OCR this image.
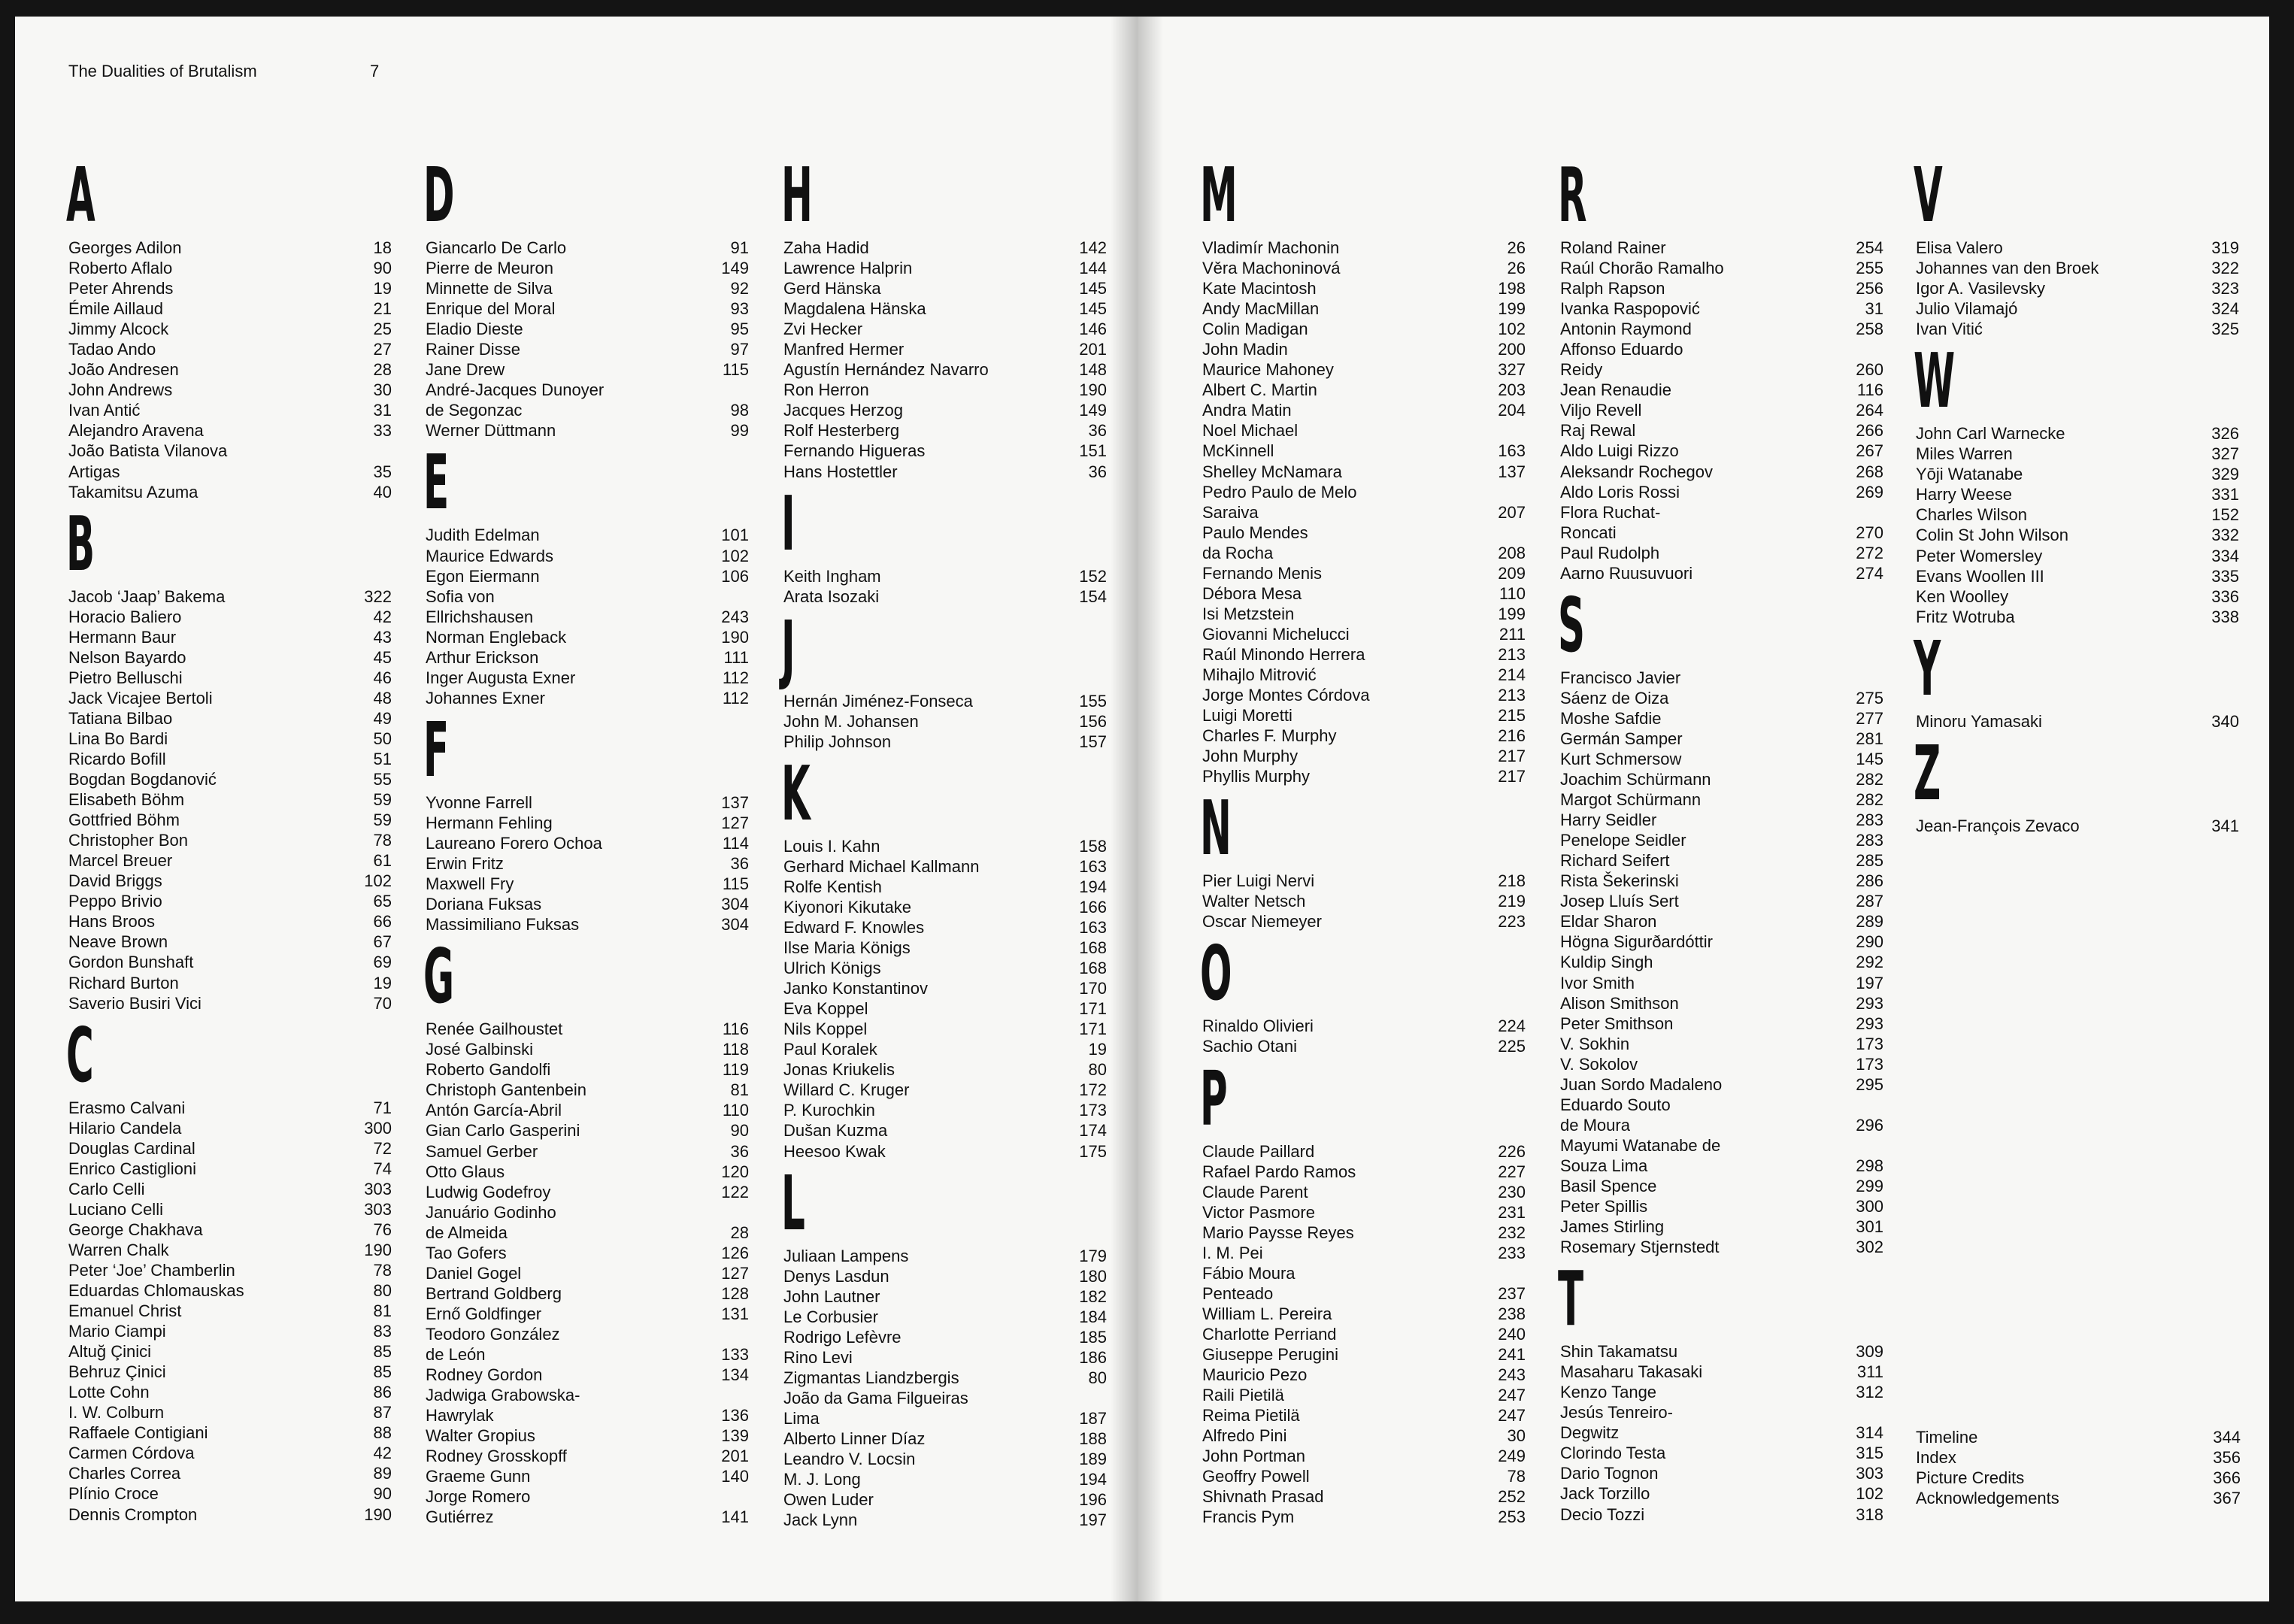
The Dualities of Brutalism	7
A
Georges Adilon	18
Roberto Aflalo	90
Peter Ahrends	19
Émile Aillaud	21
Jimmy Alcock	25
Tadao Ando	27
João Andresen	28
John Andrews	30
Ivan Antić	31
Alejandro Aravena	33
João Batista Vilanova
Artigas	35
Takamitsu Azuma	40
B
Jacob ‘Jaap’ Bakema	322
Horacio Baliero	42
Hermann Baur	43
Nelson Bayardo	45
Pietro Belluschi	46
Jack Vicajee Bertoli	48
Tatiana Bilbao	49
Lina Bo Bardi	50
Ricardo Bofill	51
Bogdan Bogdanović	55
Elisabeth Böhm	59
Gottfried Böhm	59
Christopher Bon	78
Marcel Breuer	61
David Briggs	102
Peppo Brivio	65
Hans Broos	66
Neave Brown	67
Gordon Bunshaft	69
Richard Burton	19
Saverio Busiri Vici	70
C
Erasmo Calvani	71
Hilario Candela	300
Douglas Cardinal	72
Enrico Castiglioni	74
Carlo Celli	303
Luciano Celli	303
George Chakhava	76
Warren Chalk	190
Peter ‘Joe’ Chamberlin	78
Eduardas Chlomauskas	80
Emanuel Christ	81
Mario Ciampi	83
Altuğ Çinici	85
Behruz Çinici	85
Lotte Cohn	86
I. W. Colburn	87
Raffaele Contigiani	88
Carmen Córdova	42
Charles Correa	89
Plínio Croce	90
Dennis Crompton	190
D
Giancarlo De Carlo	91
Pierre de Meuron	149
Minnette de Silva	92
Enrique del Moral	93
Eladio Dieste	95
Rainer Disse	97
Jane Drew	115
André-Jacques Dunoyer
de Segonzac	98
Werner Düttmann	99
E
Judith Edelman	101
Maurice Edwards	102
Egon Eiermann	106
Sofia von
Ellrichshausen	243
Norman Engleback	190
Arthur Erickson	111
Inger Augusta Exner	112
Johannes Exner	112
F
Yvonne Farrell	137
Hermann Fehling	127
Laureano Forero Ochoa	114
Erwin Fritz	36
Maxwell Fry	115
Doriana Fuksas	304
Massimiliano Fuksas	304
G
Renée Gailhoustet	116
José Galbinski	118
Roberto Gandolfi	119
Christoph Gantenbein	81
Antón García-Abril	110
Gian Carlo Gasperini	90
Samuel Gerber	36
Otto Glaus	120
Ludwig Godefroy	122
Januário Godinho
de Almeida	28
Tao Gofers	126
Daniel Gogel	127
Bertrand Goldberg	128
Ernő Goldfinger	131
Teodoro González
de León	133
Rodney Gordon	134
Jadwiga Grabowska-
Hawrylak	136
Walter Gropius	139
Rodney Grosskopff	201
Graeme Gunn	140
Jorge Romero
Gutiérrez	141
H
Zaha Hadid	142
Lawrence Halprin	144
Gerd Hänska	145
Magdalena Hänska	145
Zvi Hecker	146
Manfred Hermer	201
Agustín Hernández Navarro	148
Ron Herron	190
Jacques Herzog	149
Rolf Hesterberg	36
Fernando Higueras	151
Hans Hostettler	36
I
Keith Ingham	152
Arata Isozaki	154
J
Hernán Jiménez-Fonseca	155
John M. Johansen	156
Philip Johnson	157
K
Louis I. Kahn	158
Gerhard Michael Kallmann	163
Rolfe Kentish	194
Kiyonori Kikutake	166
Edward F. Knowles	163
Ilse Maria Königs	168
Ulrich Königs	168
Janko Konstantinov	170
Eva Koppel	171
Nils Koppel	171
Paul Koralek	19
Jonas Kriukelis	80
Willard C. Kruger	172
P. Kurochkin	173
Dušan Kuzma	174
Heesoo Kwak	175
L
Juliaan Lampens	179
Denys Lasdun	180
John Lautner	182
Le Corbusier	184
Rodrigo Lefèvre	185
Rino Levi	186
Zigmantas Liandzbergis	80
João da Gama Filgueiras
Lima	187
Alberto Linner Díaz	188
Leandro V. Locsin	189
M. J. Long	194
Owen Luder	196
Jack Lynn	197
M
Vladimír Machonin	26
Věra Machoninová	26
Kate Macintosh	198
Andy MacMillan	199
Colin Madigan	102
John Madin	200
Maurice Mahoney	327
Albert C. Martin	203
Andra Matin	204
Noel Michael
McKinnell	163
Shelley McNamara	137
Pedro Paulo de Melo
Saraiva	207
Paulo Mendes
da Rocha	208
Fernando Menis	209
Débora Mesa	110
Isi Metzstein	199
Giovanni Michelucci	211
Raúl Minondo Herrera	213
Mihajlo Mitrović	214
Jorge Montes Córdova	213
Luigi Moretti	215
Charles F. Murphy	216
John Murphy	217
Phyllis Murphy	217
N
Pier Luigi Nervi	218
Walter Netsch	219
Oscar Niemeyer	223
O
Rinaldo Olivieri	224
Sachio Otani	225
P
Claude Paillard	226
Rafael Pardo Ramos	227
Claude Parent	230
Victor Pasmore	231
Mario Paysse Reyes	232
I. M. Pei	233
Fábio Moura
Penteado	237
William L. Pereira	238
Charlotte Perriand	240
Giuseppe Perugini	241
Mauricio Pezo	243
Raili Pietilä	247
Reima Pietilä	247
Alfredo Pini	30
John Portman	249
Geoffry Powell	78
Shivnath Prasad	252
Francis Pym	253
R
Roland Rainer	254
Raúl Chorão Ramalho	255
Ralph Rapson	256
Ivanka Raspopović	31
Antonin Raymond	258
Affonso Eduardo
Reidy	260
Jean Renaudie	116
Viljo Revell	264
Raj Rewal	266
Aldo Luigi Rizzo	267
Aleksandr Rochegov	268
Aldo Loris Rossi	269
Flora Ruchat-
Roncati	270
Paul Rudolph	272
Aarno Ruusuvuori	274
S
Francisco Javier
Sáenz de Oiza	275
Moshe Safdie	277
Germán Samper	281
Kurt Schmersow	145
Joachim Schürmann	282
Margot Schürmann	282
Harry Seidler	283
Penelope Seidler	283
Richard Seifert	285
Rista Šekerinski	286
Josep Lluís Sert	287
Eldar Sharon	289
Högna Sigurðardóttir	290
Kuldip Singh	292
Ivor Smith	197
Alison Smithson	293
Peter Smithson	293
V. Sokhin	173
V. Sokolov	173
Juan Sordo Madaleno	295
Eduardo Souto
de Moura	296
Mayumi Watanabe de
Souza Lima	298
Basil Spence	299
Peter Spillis	300
James Stirling	301
Rosemary Stjernstedt	302
T
Shin Takamatsu	309
Masaharu Takasaki	311
Kenzo Tange	312
Jesús Tenreiro-
Degwitz	314
Clorindo Testa	315
Dario Tognon	303
Jack Torzillo	102
Decio Tozzi	318
V
Elisa Valero	319
Johannes van den Broek	322
Igor A. Vasilevsky	323
Julio Vilamajó	324
Ivan Vitić	325
W
John Carl Warnecke	326
Miles Warren	327
Yōji Watanabe	329
Harry Weese	331
Charles Wilson	152
Colin St John Wilson	332
Peter Womersley	334
Evans Woollen III	335
Ken Woolley	336
Fritz Wotruba	338
Y
Minoru Yamasaki	340
Z
Jean-François Zevaco	341
Timeline	344
Index	356
Picture Credits	366
Acknowledgements	367
